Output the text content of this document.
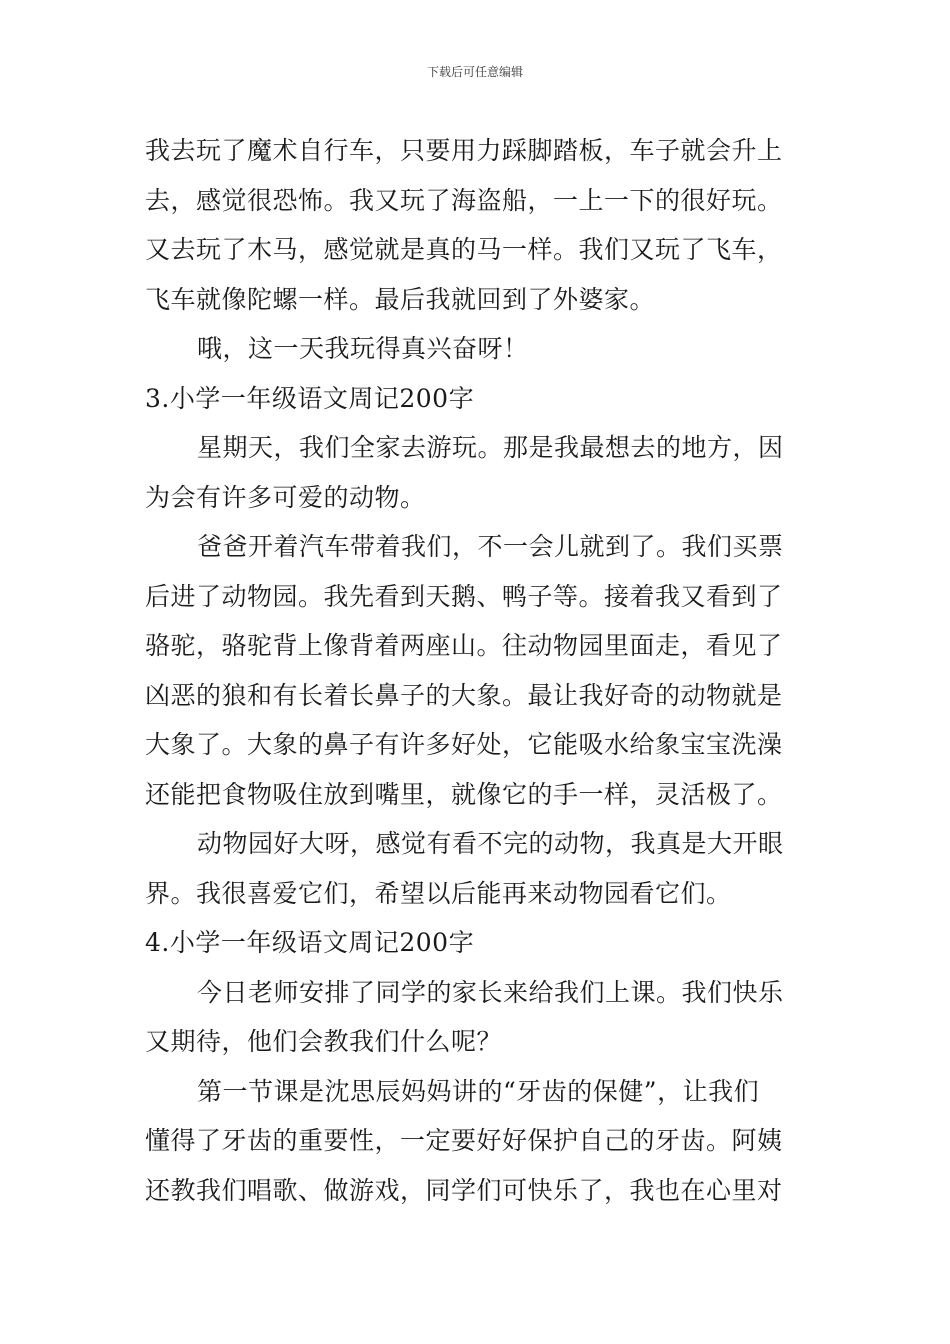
下载后可任意编辑
我去玩了魔术自行车，只要用力踩脚踏板，车子就会升上
去，感觉很恐怖。我又玩了海盗船，一上一下的很好玩。
又去玩了木马，感觉就是真的马一样。我们又玩了飞车，
飞车就像陀螺一样。最后我就回到了外婆家。
哦，这一天我玩得真兴奋呀！
3.小学一年级语文周记200字
星期天，我们全家去游玩。那是我最想去的地方，因
为会有许多可爱的动物。
爸爸开着汽车带着我们，不一会儿就到了。我们买票
后进了动物园。我先看到天鹅、鸭子等。接着我又看到了
骆驼，骆驼背上像背着两座山。往动物园里面走，看见了
凶恶的狼和有长着长鼻子的大象。最让我好奇的动物就是
大象了。大象的鼻子有许多好处，它能吸水给象宝宝洗澡
还能把食物吸住放到嘴里，就像它的手一样，灵活极了。
动物园好大呀，感觉有看不完的动物，我真是大开眼
界。我很喜爱它们，希望以后能再来动物园看它们。
4.小学一年级语文周记200字
今日老师安排了同学的家长来给我们上课。我们快乐
又期待，他们会教我们什么呢？
第一节课是沈思辰妈妈讲的“牙齿的保健”，让我们
懂得了牙齿的重要性，一定要好好保护自己的牙齿。阿姨
还教我们唱歌、做游戏，同学们可快乐了，我也在心里对
